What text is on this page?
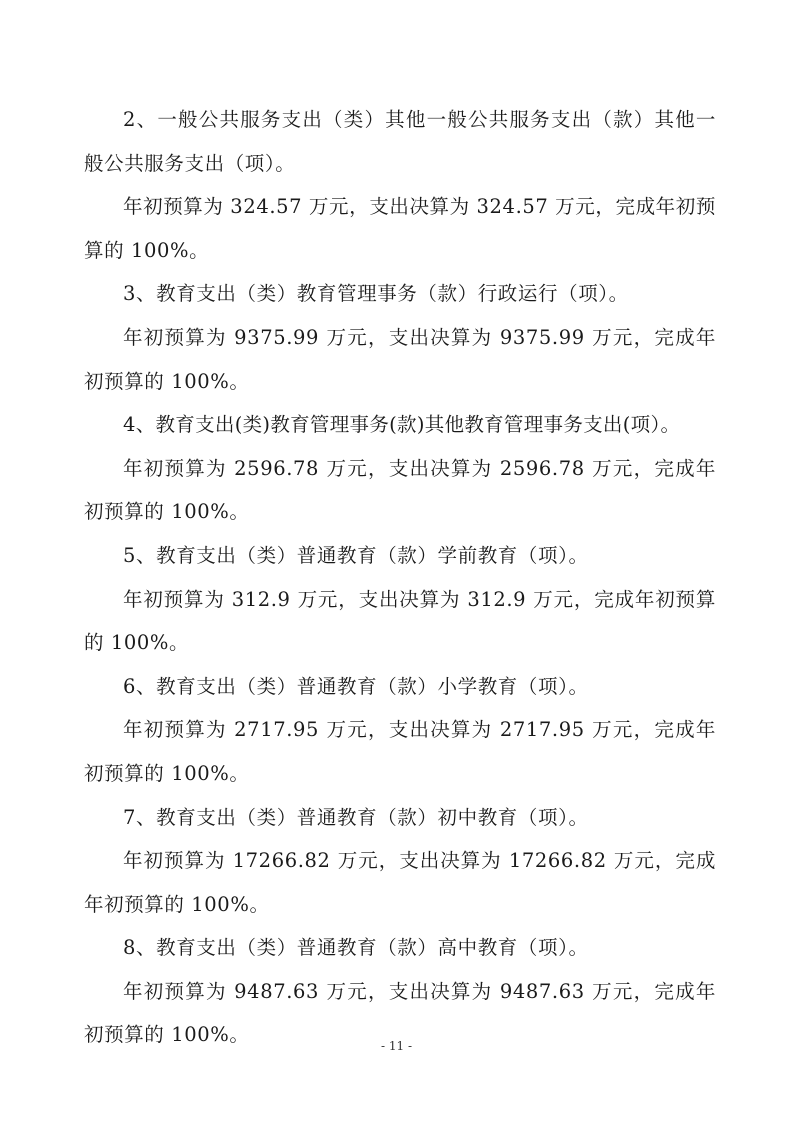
2、一般公共服务支出（类）其他一般公共服务支出（款）其他一般公共服务支出（项）。

年初预算为 324.57 万元，支出决算为 324.57 万元，完成年初预算的 100%。

3、教育支出（类）教育管理事务（款）行政运行（项）。

年初预算为 9375.99 万元，支出决算为 9375.99 万元，完成年初预算的 100%。

4、教育支出(类)教育管理事务(款)其他教育管理事务支出(项）。

年初预算为 2596.78 万元，支出决算为 2596.78 万元，完成年初预算的 100%。

5、教育支出（类）普通教育（款）学前教育（项）。

年初预算为 312.9 万元，支出决算为 312.9 万元，完成年初预算的 100%。

6、教育支出（类）普通教育（款）小学教育（项）。

年初预算为 2717.95 万元，支出决算为 2717.95 万元，完成年初预算的 100%。

7、教育支出（类）普通教育（款）初中教育（项）。

年初预算为 17266.82 万元，支出决算为 17266.82 万元，完成年初预算的 100%。

8、教育支出（类）普通教育（款）高中教育（项）。

年初预算为 9487.63 万元，支出决算为 9487.63 万元，完成年初预算的 100%。	- 11 -
